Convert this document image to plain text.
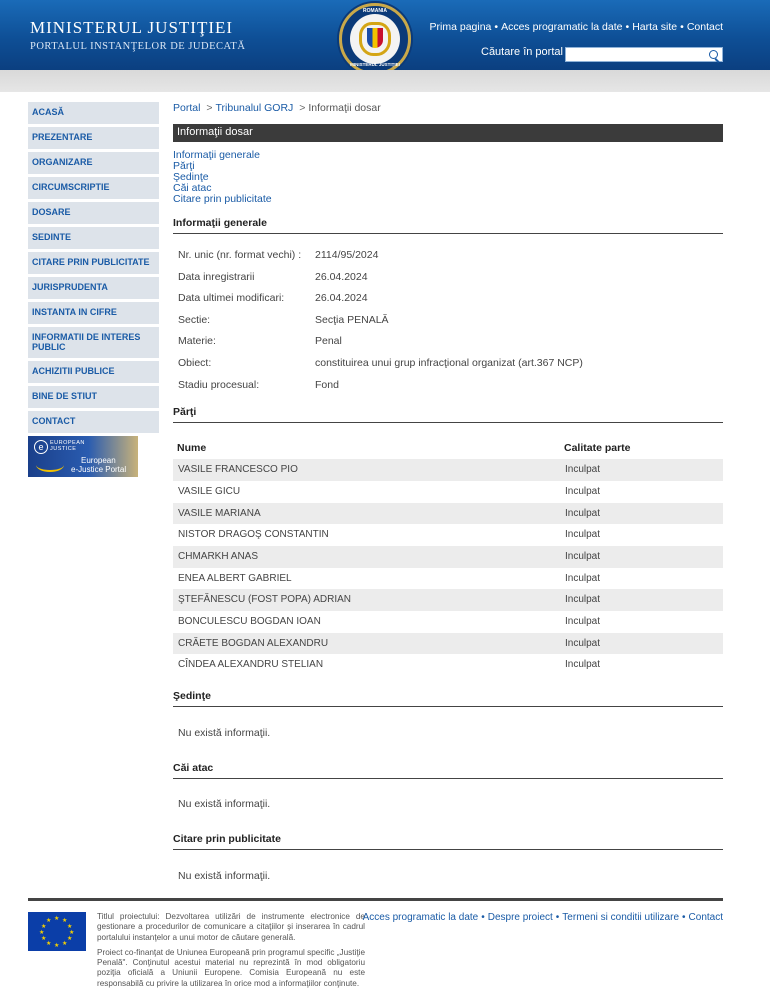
MINISTERUL JUSTIŢIEI
PORTALUL INSTANŢELOR DE JUDECATĂ
ROMANIA
MINISTERUL JUSTIŢIEI
Prima pagina • Acces programatic la date • Harta site • Contact
Căutare în portal
ACASĂ
PREZENTARE
ORGANIZARE
CIRCUMSCRIPTIE
DOSARE
SEDINTE
CITARE PRIN PUBLICITATE
JURISPRUDENTA
INSTANTA IN CIFRE
INFORMATII DE INTERES PUBLIC
ACHIZITII PUBLICE
BINE DE STIUT
CONTACT
e	EUROPEAN
JUSTICE
European
e-Justice Portal
Portal > Tribunalul GORJ > Informaţii dosar
Informaţii dosar
Informaţii generale
Părţi
Şedinţe
Căi atac
Citare prin publicitate
Informaţii generale
Nr. unic (nr. format vechi) : 2114/95/2024
Data inregistrarii	26.04.2024
Data ultimei modificari:	26.04.2024
Sectie:	Secţia PENALĂ
Materie:	Penal
Obiect:	constituirea unui grup infracţional organizat (art.367 NCP)
Stadiu procesual:	Fond
Părţi
Nume	Calitate parte
VASILE FRANCESCO PIO	Inculpat
VASILE GICU	Inculpat
VASILE MARIANA	Inculpat
NISTOR DRAGOŞ CONSTANTIN	Inculpat
CHMARKH ANAS	Inculpat
ENEA ALBERT GABRIEL	Inculpat
ŞTEFĂNESCU (FOST POPA) ADRIAN	Inculpat
BONCULESCU BOGDAN IOAN	Inculpat
CRĂETE BOGDAN ALEXANDRU	Inculpat
CÎNDEA ALEXANDRU STELIAN	Inculpat
Şedinţe
Nu există informaţii.
Căi atac
Nu există informaţii.
Citare prin publicitate
Nu există informaţii.
★ ★
★
★
★
★
★
★
★
★
★
★	Titlul proiectului: Dezvoltarea utilizări de instrumente electronice de gestionare a procedurilor de comunicare a citaţiilor şi inserarea în cadrul portalului instanţelor a unui motor de căutare generală.

Proiect co-finanţat de Uniunea Europeană prin programul specific „Justiţie Penală". Conţinutul acestui material nu reprezintă în mod obligatoriu poziţia oficială a Uniunii Europene. Comisia Europeană nu este responsabilă cu privire la utilizarea în orice mod a informaţiilor conţinute.

Acces programatic la date • Despre proiect • Termeni si conditii utilizare • Contact
